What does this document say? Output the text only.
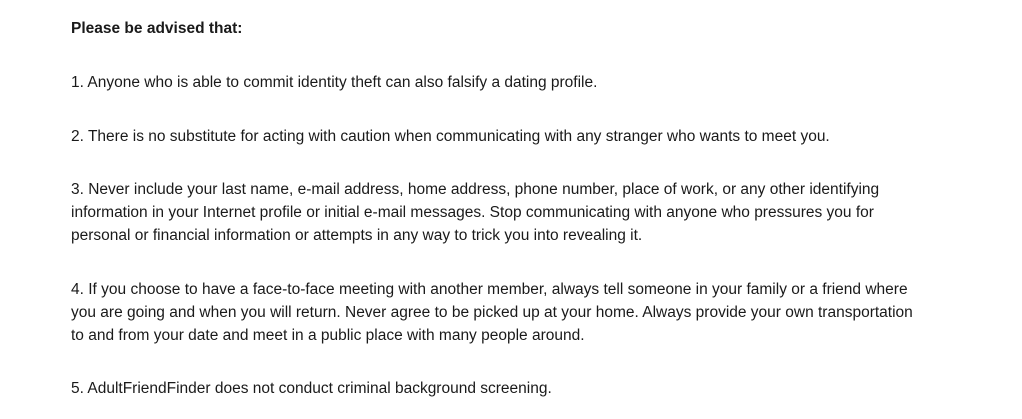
Please be advised that:
1. Anyone who is able to commit identity theft can also falsify a dating profile.
2. There is no substitute for acting with caution when communicating with any stranger who wants to meet you.
3. Never include your last name, e-mail address, home address, phone number, place of work, or any other identifying information in your Internet profile or initial e-mail messages. Stop communicating with anyone who pressures you for personal or financial information or attempts in any way to trick you into revealing it.
4. If you choose to have a face-to-face meeting with another member, always tell someone in your family or a friend where you are going and when you will return. Never agree to be picked up at your home. Always provide your own transportation to and from your date and meet in a public place with many people around.
5. AdultFriendFinder does not conduct criminal background screening.
